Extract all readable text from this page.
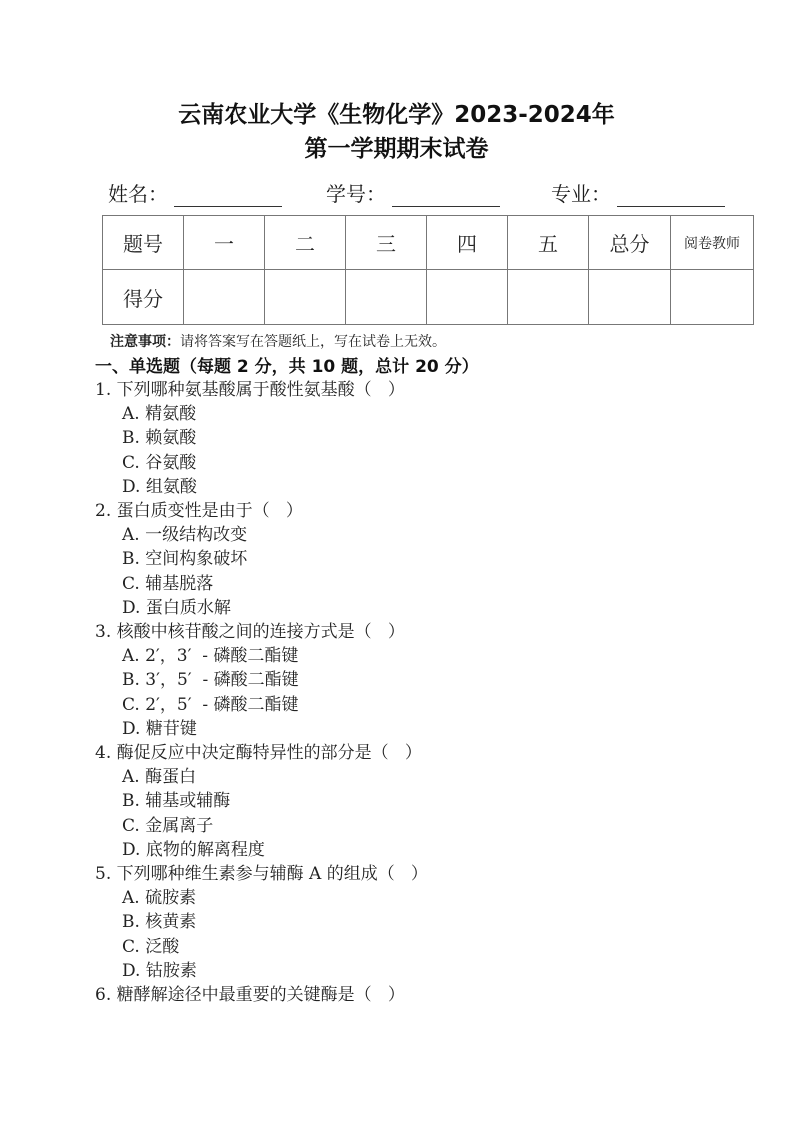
云南农业大学《生物化学》2023-2024年
第一学期期末试卷
姓名：	学号：	专业：
题号	一	二	三	四	五	总分	阅卷教师
得分							
注意事项：请将答案写在答题纸上，写在试卷上无效。
一、单选题（每题 2 分，共 10 题，总计 20 分）
1. 下列哪种氨基酸属于酸性氨基酸（   ）
A. 精氨酸
B. 赖氨酸
C. 谷氨酸
D. 组氨酸
2. 蛋白质变性是由于（   ）
A. 一级结构改变
B. 空间构象破坏
C. 辅基脱落
D. 蛋白质水解
3. 核酸中核苷酸之间的连接方式是（   ）
A. 2′，3′  - 磷酸二酯键
B. 3′，5′  - 磷酸二酯键
C. 2′，5′  - 磷酸二酯键
D. 糖苷键
4. 酶促反应中决定酶特异性的部分是（   ）
A. 酶蛋白
B. 辅基或辅酶
C. 金属离子
D. 底物的解离程度
5. 下列哪种维生素参与辅酶 A 的组成（   ）
A. 硫胺素
B. 核黄素
C. 泛酸
D. 钴胺素
6. 糖酵解途径中最重要的关键酶是（   ）
